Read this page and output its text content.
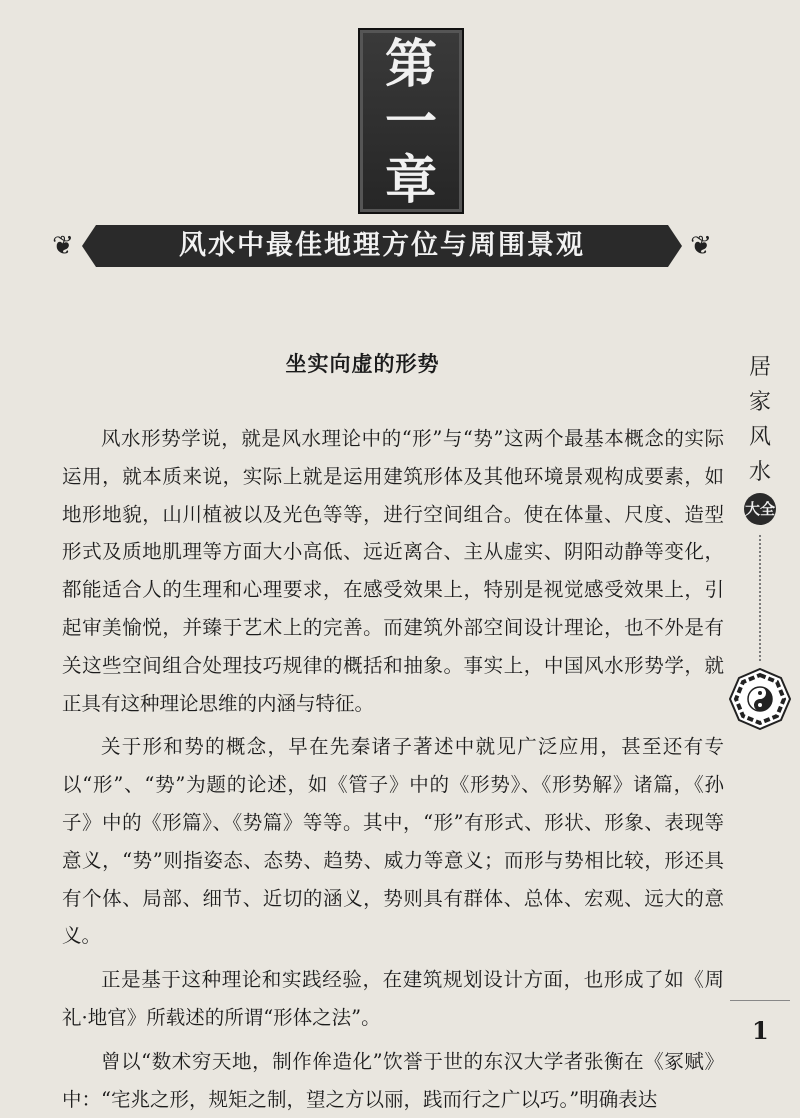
第
一
章
❦	风水中最佳地理方位与周围景观	❦
坐实向虚的形势

风水形势学说，就是风水理论中的“形”与“势”这两个最基本概念的实际运用，就本质来说，实际上就是运用建筑形体及其他环境景观构成要素，如地形地貌，山川植被以及光色等等，进行空间组合。使在体量、尺度、造型形式及质地肌理等方面大小高低、远近离合、主从虚实、阴阳动静等变化，都能适合人的生理和心理要求，在感受效果上，特别是视觉感受效果上，引起审美愉悦，并臻于艺术上的完善。而建筑外部空间设计理论，也不外是有关这些空间组合处理技巧规律的概括和抽象。事实上，中国风水形势学，就正具有这种理论思维的内涵与特征。

关于形和势的概念，早在先秦诸子著述中就见广泛应用，甚至还有专以“形”、“势”为题的论述，如《管子》中的《形势》、《形势解》诸篇，《孙子》中的《形篇》、《势篇》等等。其中，“形”有形式、形状、形象、表现等意义，“势”则指姿态、态势、趋势、威力等意义；而形与势相比较，形还具有个体、局部、细节、近切的涵义，势则具有群体、总体、宏观、远大的意义。

正是基于这种理论和实践经验，在建筑规划设计方面，也形成了如《周礼·地官》所载述的所谓“形体之法”。

曾以“数术穷天地，制作侔造化”饮誉于世的东汉大学者张衡在《冢赋》中：“宅兆之形，规矩之制，望之方以丽，践而行之广以巧。”明确表达

居
家
风
水
大全
1
